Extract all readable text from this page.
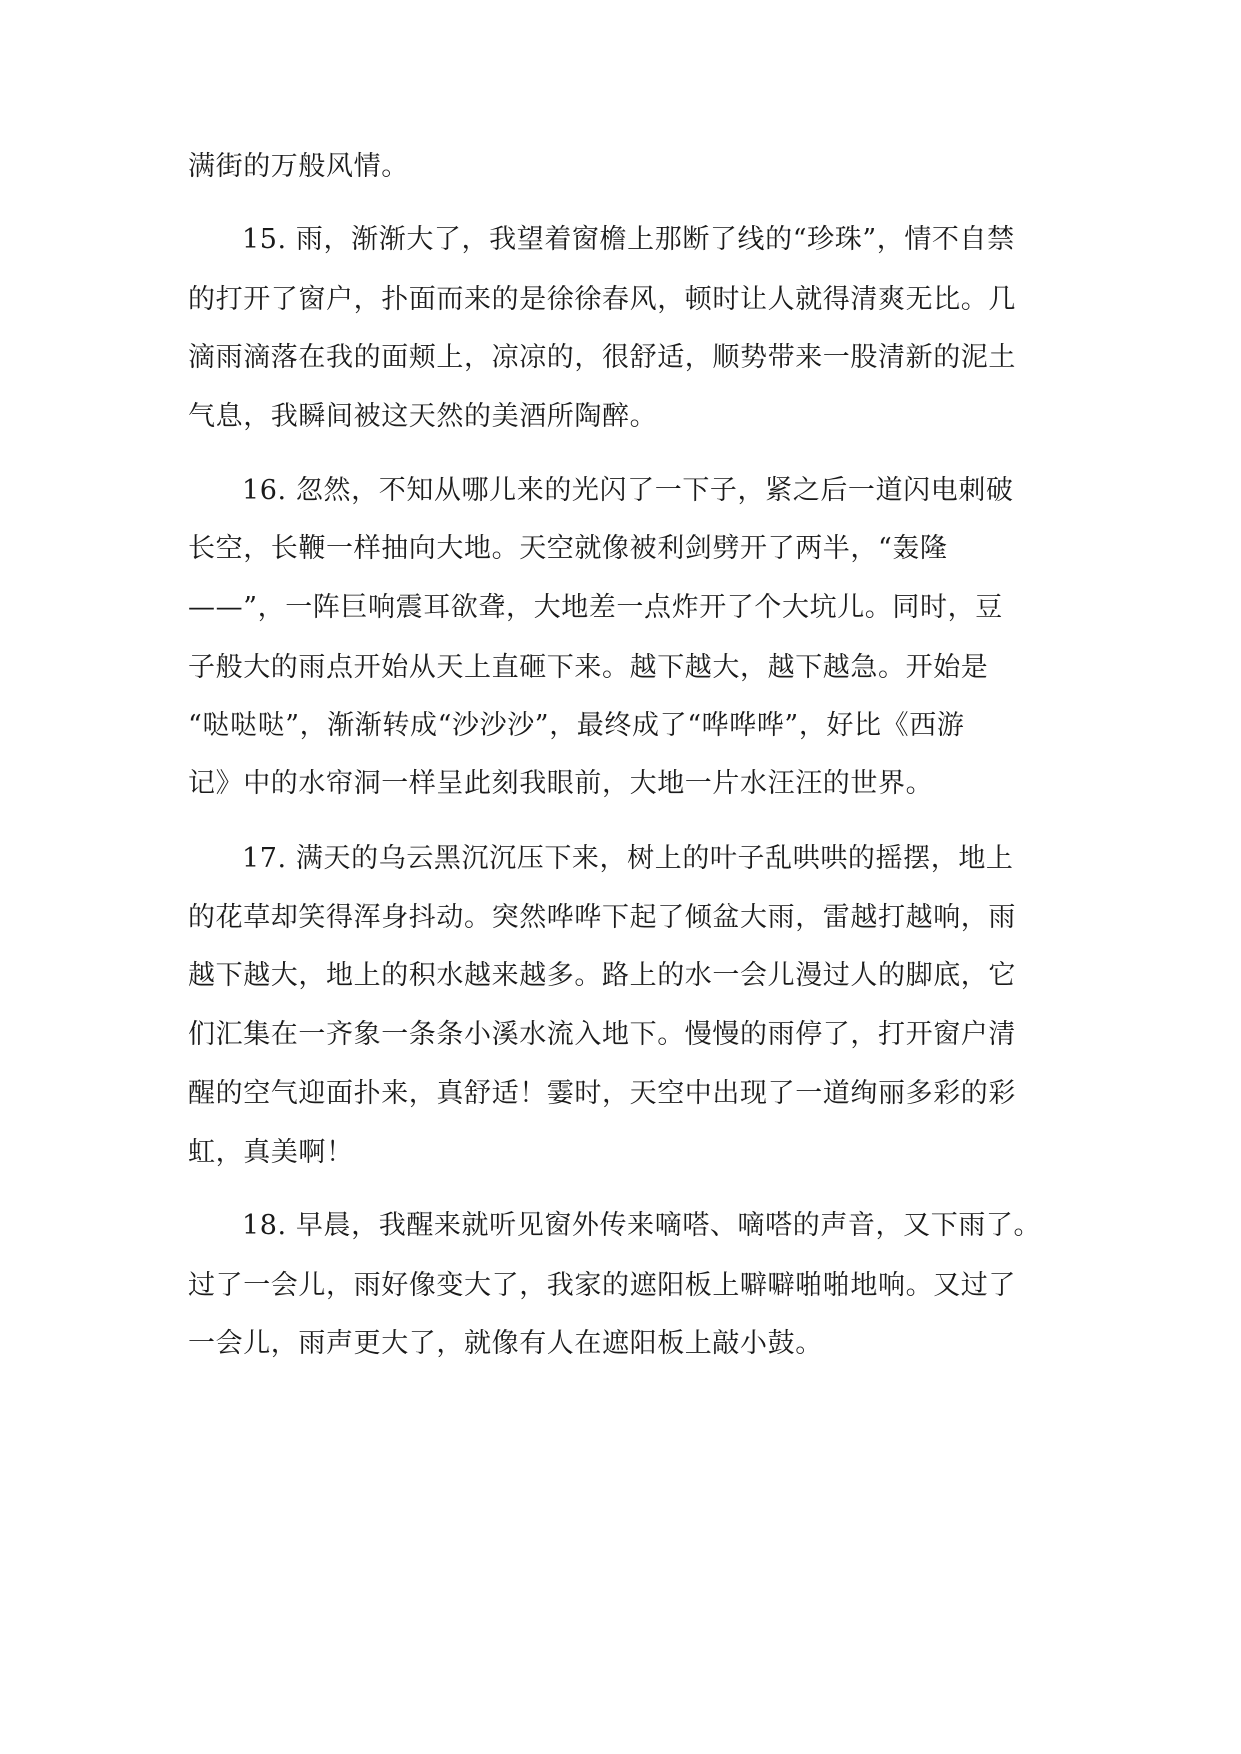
满街的万般风情。
15. 雨，渐渐大了，我望着窗檐上那断了线的“珍珠”，情不自禁
的打开了窗户，扑面而来的是徐徐春风，顿时让人就得清爽无比。几
滴雨滴落在我的面颊上，凉凉的，很舒适，顺势带来一股清新的泥土
气息，我瞬间被这天然的美酒所陶醉。
16. 忽然，不知从哪儿来的光闪了一下子，紧之后一道闪电刺破
长空，长鞭一样抽向大地。天空就像被利剑劈开了两半，“轰隆
——”，一阵巨响震耳欲聋，大地差一点炸开了个大坑儿。同时，豆
子般大的雨点开始从天上直砸下来。越下越大，越下越急。开始是
“哒哒哒”，渐渐转成“沙沙沙”，最终成了“哗哗哗”，好比《西游
记》中的水帘洞一样呈此刻我眼前，大地一片水汪汪的世界。
17. 满天的乌云黑沉沉压下来，树上的叶子乱哄哄的摇摆，地上
的花草却笑得浑身抖动。突然哗哗下起了倾盆大雨，雷越打越响，雨
越下越大，地上的积水越来越多。路上的水一会儿漫过人的脚底，它
们汇集在一齐象一条条小溪水流入地下。慢慢的雨停了，打开窗户清
醒的空气迎面扑来，真舒适！霎时，天空中出现了一道绚丽多彩的彩
虹，真美啊！
18. 早晨，我醒来就听见窗外传来嘀嗒、嘀嗒的声音，又下雨了。
过了一会儿，雨好像变大了，我家的遮阳板上噼噼啪啪地响。又过了
一会儿，雨声更大了，就像有人在遮阳板上敲小鼓。
